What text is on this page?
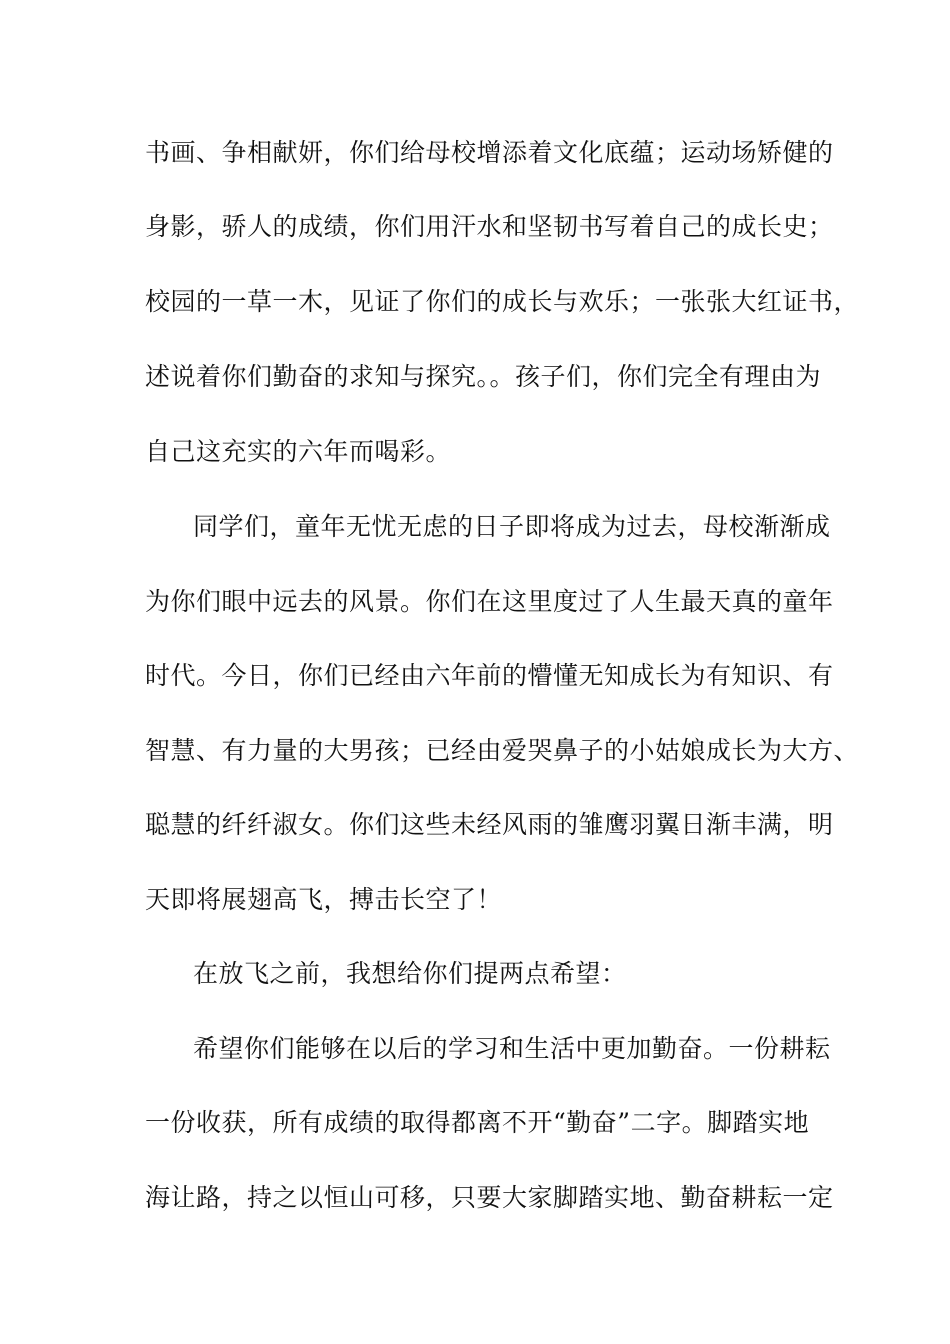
书画、争相献妍，你们给母校增添着文化底蕴；运动场矫健的
身影，骄人的成绩，你们用汗水和坚韧书写着自己的成长史；
校园的一草一木，见证了你们的成长与欢乐；一张张大红证书，
述说着你们勤奋的求知与探究。。孩子们，你们完全有理由为
自己这充实的六年而喝彩。
同学们，童年无忧无虑的日子即将成为过去，母校渐渐成
为你们眼中远去的风景。你们在这里度过了人生最天真的童年
时代。今日，你们已经由六年前的懵懂无知成长为有知识、有
智慧、有力量的大男孩；已经由爱哭鼻子的小姑娘成长为大方、
聪慧的纤纤淑女。你们这些未经风雨的雏鹰羽翼日渐丰满，明
天即将展翅高飞，搏击长空了！
在放飞之前，我想给你们提两点希望：
希望你们能够在以后的学习和生活中更加勤奋。一份耕耘
一份收获，所有成绩的取得都离不开“勤奋”二字。脚踏实地
海让路，持之以恒山可移，只要大家脚踏实地、勤奋耕耘一定
